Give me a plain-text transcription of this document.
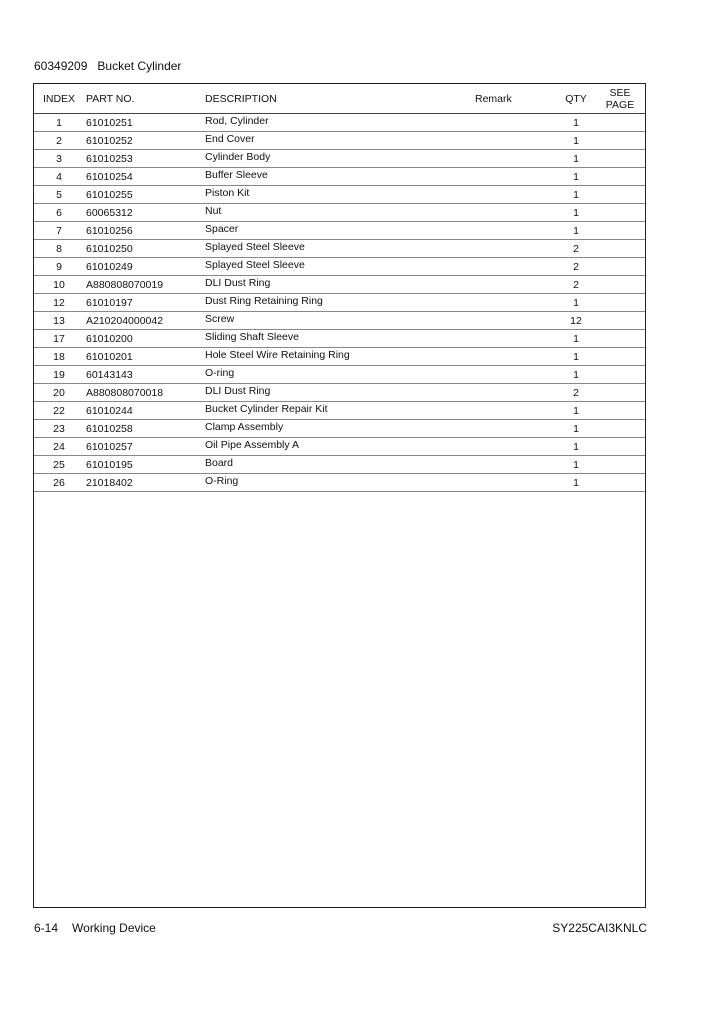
60349209 Bucket Cylinder
INDEX	PART NO.	DESCRIPTION	Remark	QTY	SEE
PAGE
1	61010251	Rod, Cylinder		1	
2	61010252	End Cover		1	
3	61010253	Cylinder Body		1	
4	61010254	Buffer Sleeve		1	
5	61010255	Piston Kit		1	
6	60065312	Nut		1	
7	61010256	Spacer		1	
8	61010250	Splayed Steel Sleeve		2	
9	61010249	Splayed Steel Sleeve		2	
10	A880808070019	DLI Dust Ring		2	
12	61010197	Dust Ring Retaining Ring		1	
13	A210204000042	Screw		12	
17	61010200	Sliding Shaft Sleeve		1	
18	61010201	Hole Steel Wire Retaining Ring		1	
19	60143143	O-ring		1	
20	A880808070018	DLI Dust Ring		2	
22	61010244	Bucket Cylinder Repair Kit		1	
23	61010258	Clamp Assembly		1	
24	61010257	Oil Pipe Assembly A		1	
25	61010195	Board		1	
26	21018402	O-Ring		1	
6-14 Working Device	SY225CAI3KNLC
